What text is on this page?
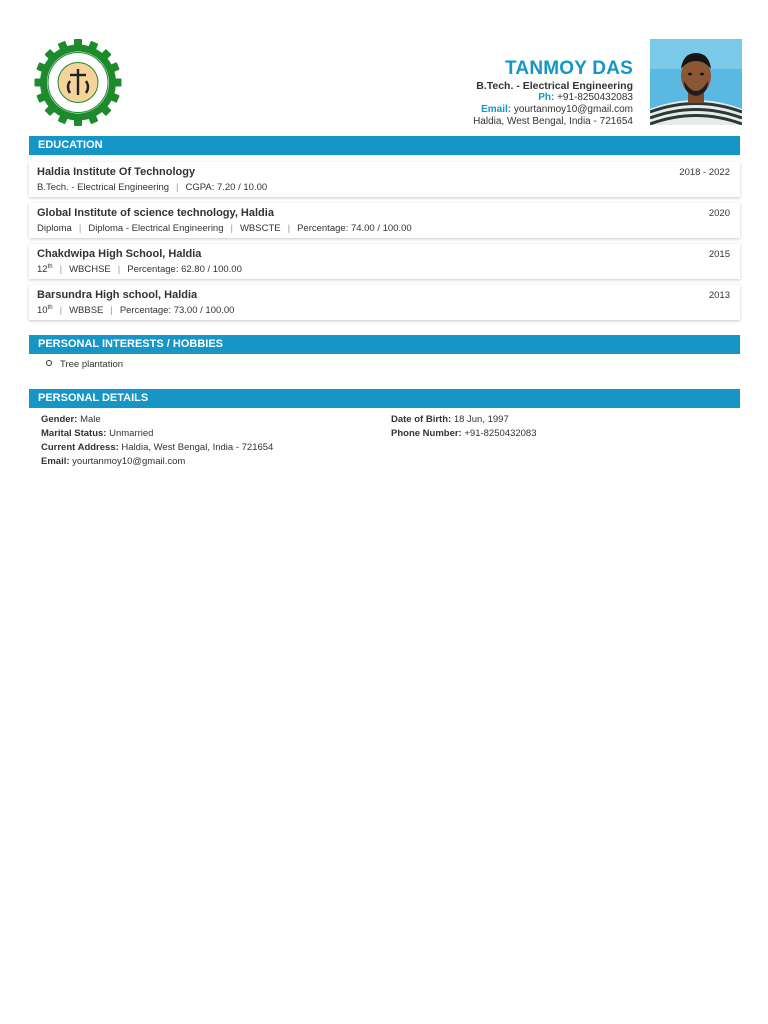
TANMOY DAS
B.Tech. - Electrical Engineering
Ph: +91-8250432083
Email: yourtanmoy10@gmail.com
Haldia, West Bengal, India - 721654
EDUCATION
Haldia Institute Of Technology	2018 - 2022
B.Tech. - Electrical Engineering | CGPA: 7.20 / 10.00
Global Institute of science technology, Haldia	2020
Diploma | Diploma - Electrical Engineering | WBSCTE | Percentage: 74.00 / 100.00
Chakdwipa High School, Haldia	2015
12th | WBCHSE | Percentage: 62.80 / 100.00
Barsundra High school, Haldia	2013
10th | WBBSE | Percentage: 73.00 / 100.00
PERSONAL INTERESTS / HOBBIES
Tree plantation
PERSONAL DETAILS
Gender: Male
Marital Status: Unmarried
Current Address: Haldia, West Bengal, India - 721654
Email: yourtanmoy10@gmail.com
Date of Birth: 18 Jun, 1997
Phone Number: +91-8250432083
